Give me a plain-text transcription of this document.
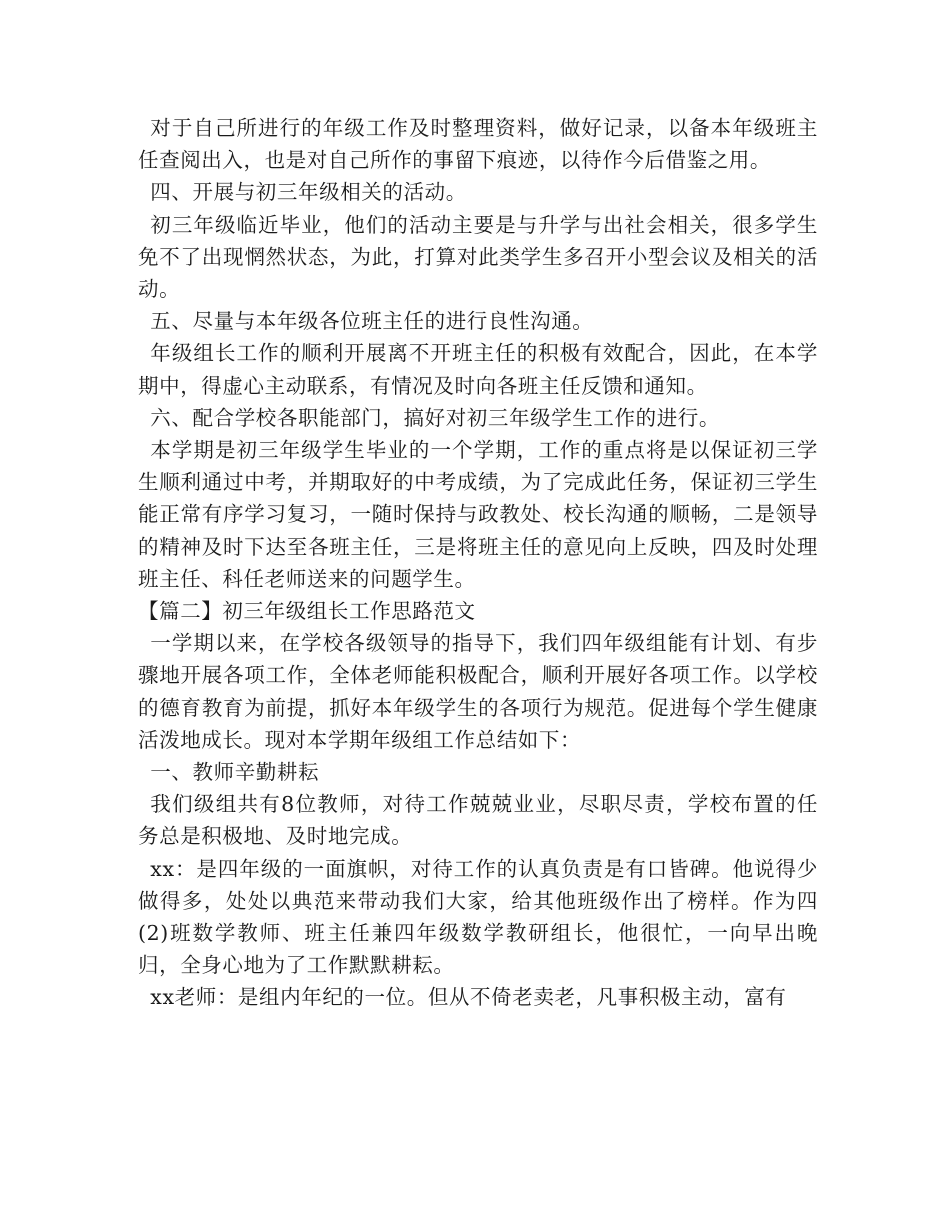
对于自己所进行的年级工作及时整理资料，做好记录，以备本年级班主任查阅出入，也是对自己所作的事留下痕迹，以待作今后借鉴之用。

四、开展与初三年级相关的活动。

初三年级临近毕业，他们的活动主要是与升学与出社会相关，很多学生免不了出现惘然状态，为此，打算对此类学生多召开小型会议及相关的活动。

五、尽量与本年级各位班主任的进行良性沟通。

年级组长工作的顺利开展离不开班主任的积极有效配合，因此，在本学期中，得虚心主动联系，有情况及时向各班主任反馈和通知。

六、配合学校各职能部门，搞好对初三年级学生工作的进行。

本学期是初三年级学生毕业的一个学期，工作的重点将是以保证初三学生顺利通过中考，并期取好的中考成绩，为了完成此任务，保证初三学生能正常有序学习复习，一随时保持与政教处、校长沟通的顺畅，二是领导的精神及时下达至各班主任，三是将班主任的意见向上反映，四及时处理班主任、科任老师送来的问题学生。

【篇二】初三年级组长工作思路范文

一学期以来，在学校各级领导的指导下，我们四年级组能有计划、有步骤地开展各项工作，全体老师能积极配合，顺利开展好各项工作。以学校的德育教育为前提，抓好本年级学生的各项行为规范。促进每个学生健康活泼地成长。现对本学期年级组工作总结如下：

一、教师辛勤耕耘

我们级组共有8位教师，对待工作兢兢业业，尽职尽责，学校布置的任务总是积极地、及时地完成。

xx：是四年级的一面旗帜，对待工作的认真负责是有口皆碑。他说得少做得多，处处以典范来带动我们大家，给其他班级作出了榜样。作为四(2)班数学教师、班主任兼四年级数学教研组长，他很忙，一向早出晚归，全身心地为了工作默默耕耘。

xx老师：是组内年纪的一位。但从不倚老卖老，凡事积极主动，富有
